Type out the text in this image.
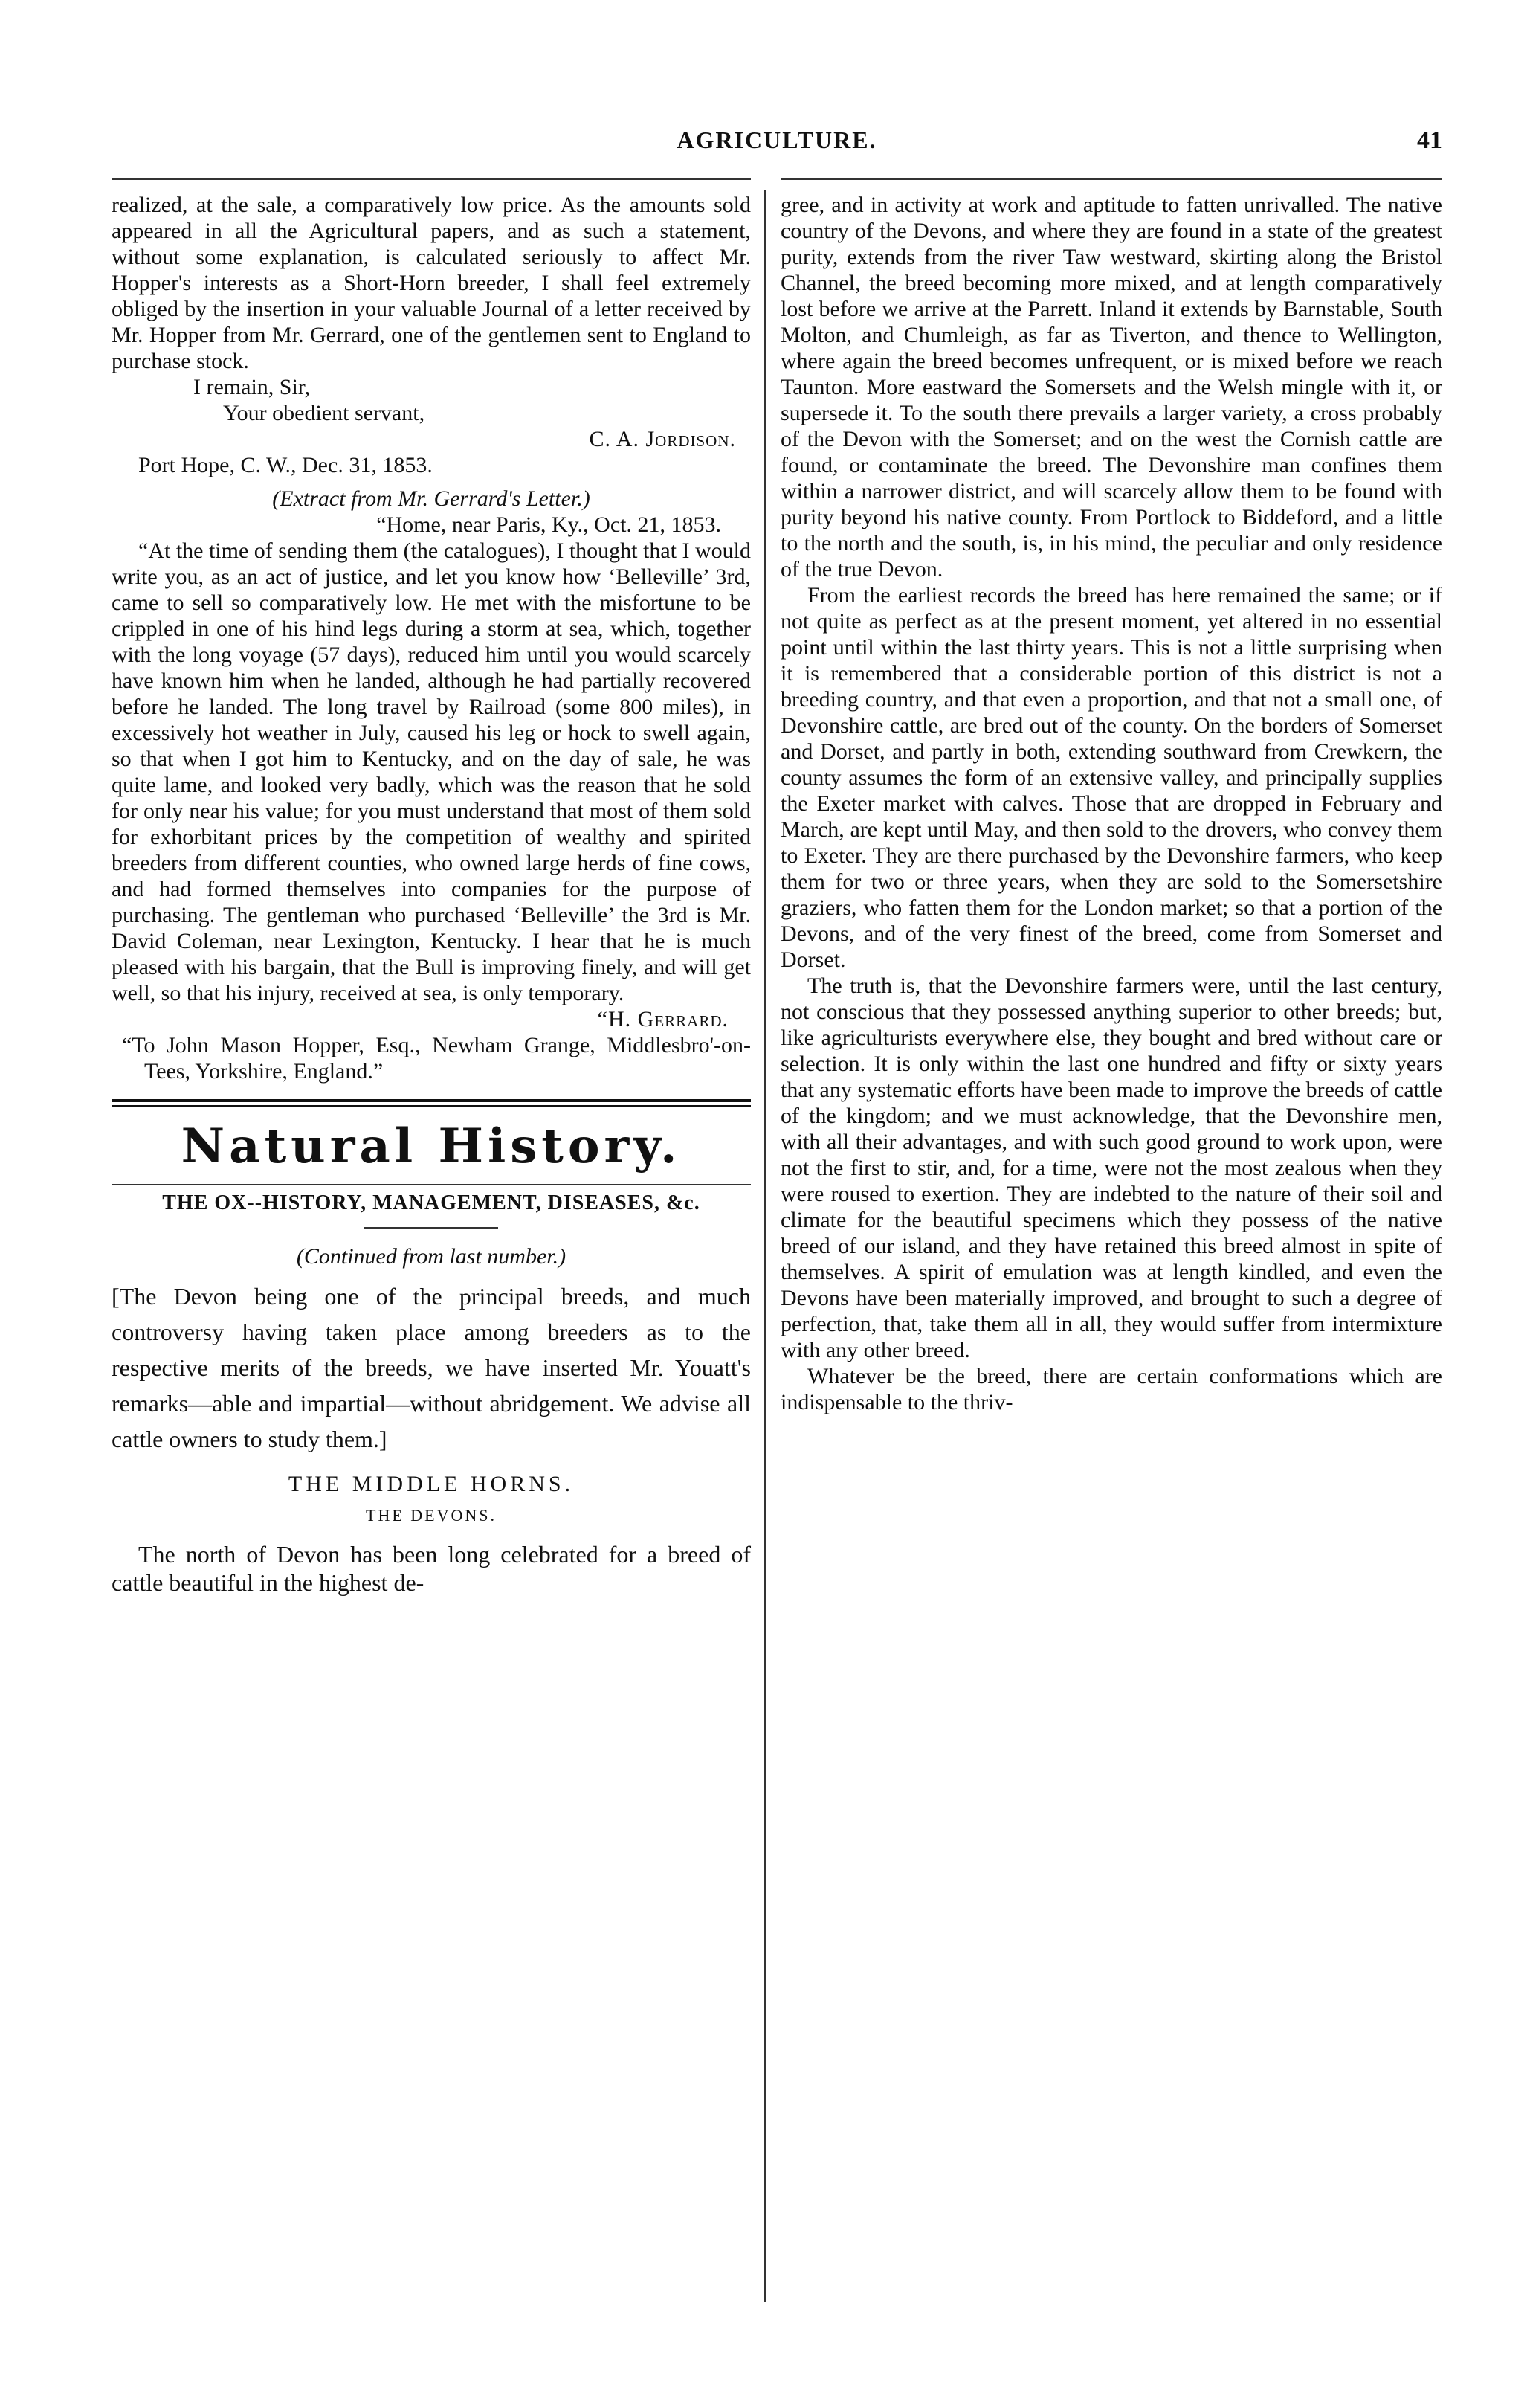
AGRICULTURE.	41

realized, at the sale, a comparatively low price. As the amounts sold appeared in all the Agricultural papers, and as such a statement, without some explanation, is calculated seriously to affect Mr. Hopper's interests as a Short-Horn breeder, I shall feel extremely obliged by the insertion in your valuable Journal of a letter received by Mr. Hopper from Mr. Gerrard, one of the gentlemen sent to England to purchase stock.

I remain, Sir,

Your obedient servant,

C. A. Jordison.

Port Hope, C. W., Dec. 31, 1853.

(Extract from Mr. Gerrard's Letter.)

“Home, near Paris, Ky., Oct. 21, 1853.

“At the time of sending them (the catalogues), I thought that I would write you, as an act of justice, and let you know how ‘Belleville’ 3rd, came to sell so comparatively low. He met with the misfortune to be crippled in one of his hind legs during a storm at sea, which, together with the long voyage (57 days), reduced him until you would scarcely have known him when he landed, although he had partially recovered before he landed. The long travel by Railroad (some 800 miles), in excessively hot weather in July, caused his leg or hock to swell again, so that when I got him to Kentucky, and on the day of sale, he was quite lame, and looked very badly, which was the reason that he sold for only near his value; for you must understand that most of them sold for exhorbitant prices by the competition of wealthy and spirited breeders from different counties, who owned large herds of fine cows, and had formed themselves into companies for the purpose of purchasing. The gentleman who purchased ‘Belleville’ the 3rd is Mr. David Coleman, near Lexington, Kentucky. I hear that he is much pleased with his bargain, that the Bull is improving finely, and will get well, so that his injury, received at sea, is only temporary.

“H. Gerrard.

“To John Mason Hopper, Esq., Newham Grange, Middlesbro'-on-Tees, Yorkshire, England.”

Natural History.
THE OX--HISTORY, MANAGEMENT, DISEASES, &c.

(Continued from last number.)

[The Devon being one of the principal breeds, and much controversy having taken place among breeders as to the respective merits of the breeds, we have inserted Mr. Youatt's remarks—able and impartial—without abridgement. We advise all cattle owners to study them.]

THE MIDDLE HORNS.
THE DEVONS.

The north of Devon has been long celebrated for a breed of cattle beautiful in the highest de-

gree, and in activity at work and aptitude to fatten unrivalled. The native country of the Devons, and where they are found in a state of the greatest purity, extends from the river Taw westward, skirting along the Bristol Channel, the breed becoming more mixed, and at length comparatively lost before we arrive at the Parrett. Inland it extends by Barnstable, South Molton, and Chumleigh, as far as Tiverton, and thence to Wellington, where again the breed becomes unfrequent, or is mixed before we reach Taunton. More eastward the Somersets and the Welsh mingle with it, or supersede it. To the south there prevails a larger variety, a cross probably of the Devon with the Somerset; and on the west the Cornish cattle are found, or contaminate the breed. The Devonshire man confines them within a narrower district, and will scarcely allow them to be found with purity beyond his native county. From Portlock to Biddeford, and a little to the north and the south, is, in his mind, the peculiar and only residence of the true Devon.

From the earliest records the breed has here remained the same; or if not quite as perfect as at the present moment, yet altered in no essential point until within the last thirty years. This is not a little surprising when it is remembered that a considerable portion of this district is not a breeding country, and that even a proportion, and that not a small one, of Devonshire cattle, are bred out of the county. On the borders of Somerset and Dorset, and partly in both, extending southward from Crewkern, the county assumes the form of an extensive valley, and principally supplies the Exeter market with calves. Those that are dropped in February and March, are kept until May, and then sold to the drovers, who convey them to Exeter. They are there purchased by the Devonshire farmers, who keep them for two or three years, when they are sold to the Somersetshire graziers, who fatten them for the London market; so that a portion of the Devons, and of the very finest of the breed, come from Somerset and Dorset.

The truth is, that the Devonshire farmers were, until the last century, not conscious that they possessed anything superior to other breeds; but, like agriculturists everywhere else, they bought and bred without care or selection. It is only within the last one hundred and fifty or sixty years that any systematic efforts have been made to improve the breeds of cattle of the kingdom; and we must acknowledge, that the Devonshire men, with all their advantages, and with such good ground to work upon, were not the first to stir, and, for a time, were not the most zealous when they were roused to exertion. They are indebted to the nature of their soil and climate for the beautiful specimens which they possess of the native breed of our island, and they have retained this breed almost in spite of themselves. A spirit of emulation was at length kindled, and even the Devons have been materially improved, and brought to such a degree of perfection, that, take them all in all, they would suffer from intermixture with any other breed.

Whatever be the breed, there are certain conformations which are indispensable to the thriv-
